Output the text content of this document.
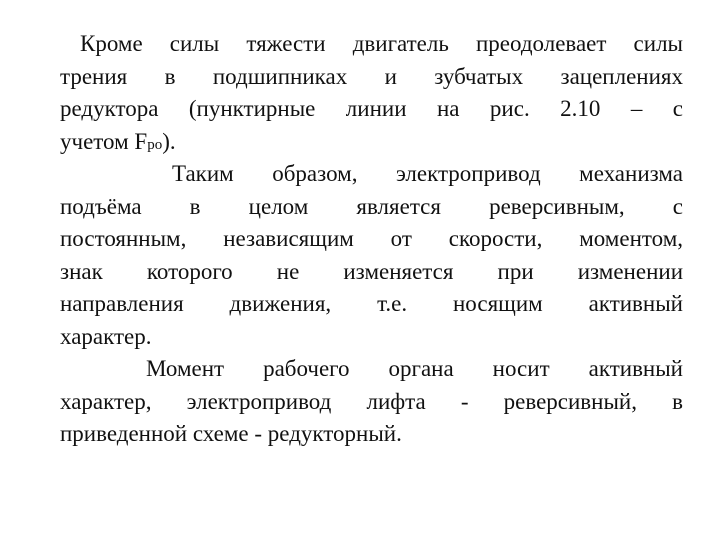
Кроме силы тяжести двигатель преодолевает силы
трения в подшипниках и зубчатых зацеплениях
редуктора (пунктирные линии на рис. 2.10 – с
учетом Fро).
Таким образом, электропривод механизма
подъёма в целом является реверсивным, с
постоянным, независящим от скорости, моментом,
знак которого не изменяется при изменении
направления движения, т.е. носящим активный
характер.
Момент рабочего органа носит активный
характер, электропривод лифта - реверсивный, в
приведенной схеме - редукторный.
